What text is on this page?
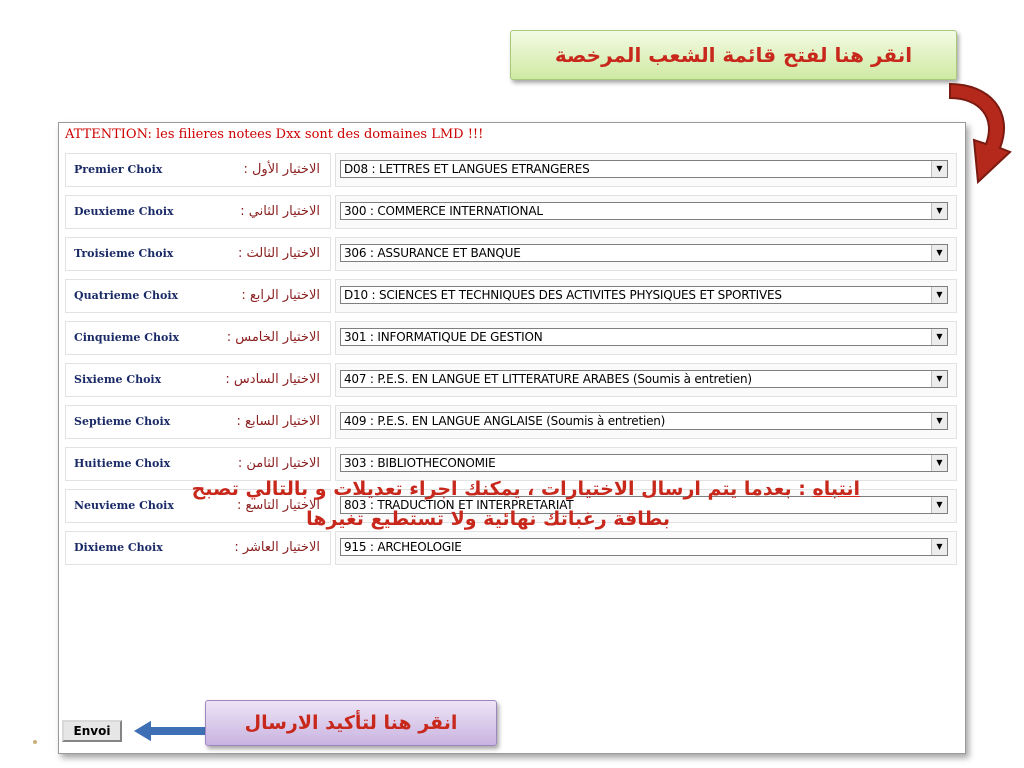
انقر هنا لفتح قائمة الشعب المرخصة
ATTENTION: les filieres notees Dxx sont des domaines LMD !!!
Premier Choix	الاختيار الأول : D08 : LETTRES ET LANGUES ETRANGERES	▼
Deuxieme Choix	الاختيار الثاني : 300 : COMMERCE INTERNATIONAL	▼
Troisieme Choix	الاختيار الثالث : 306 : ASSURANCE ET BANQUE	▼
Quatrieme Choix	الاختيار الرابع : D10 : SCIENCES ET TECHNIQUES DES ACTIVITES PHYSIQUES ET SPORTIVES	▼
Cinquieme Choix	الاختيار الخامس : 301 : INFORMATIQUE DE GESTION	▼
Sixieme Choix	الاختيار السادس : 407 : P.E.S. EN LANGUE ET LITTERATURE ARABES (Soumis à entretien)	▼
Septieme Choix	الاختيار السابع : 409 : P.E.S. EN LANGUE ANGLAISE (Soumis à entretien)	▼
Huitieme Choix	الاختيار الثامن : 303 : BIBLIOTHECONOMIE	▼
Neuvieme Choix	الاختيار التاسع : 803 : TRADUCTION ET INTERPRETARIAT	▼
Dixieme Choix	الاختيار العاشر : 915 : ARCHEOLOGIE	▼
انتباه : بعدما يتم ارسال الاختيارات ، يمكنك اجراء تعديلات و بالتالي تصبح
بطاقة رغباتك نهائية ولا تستطيع تغيرها
Envoi	انقر هنا لتأكيد الارسال
